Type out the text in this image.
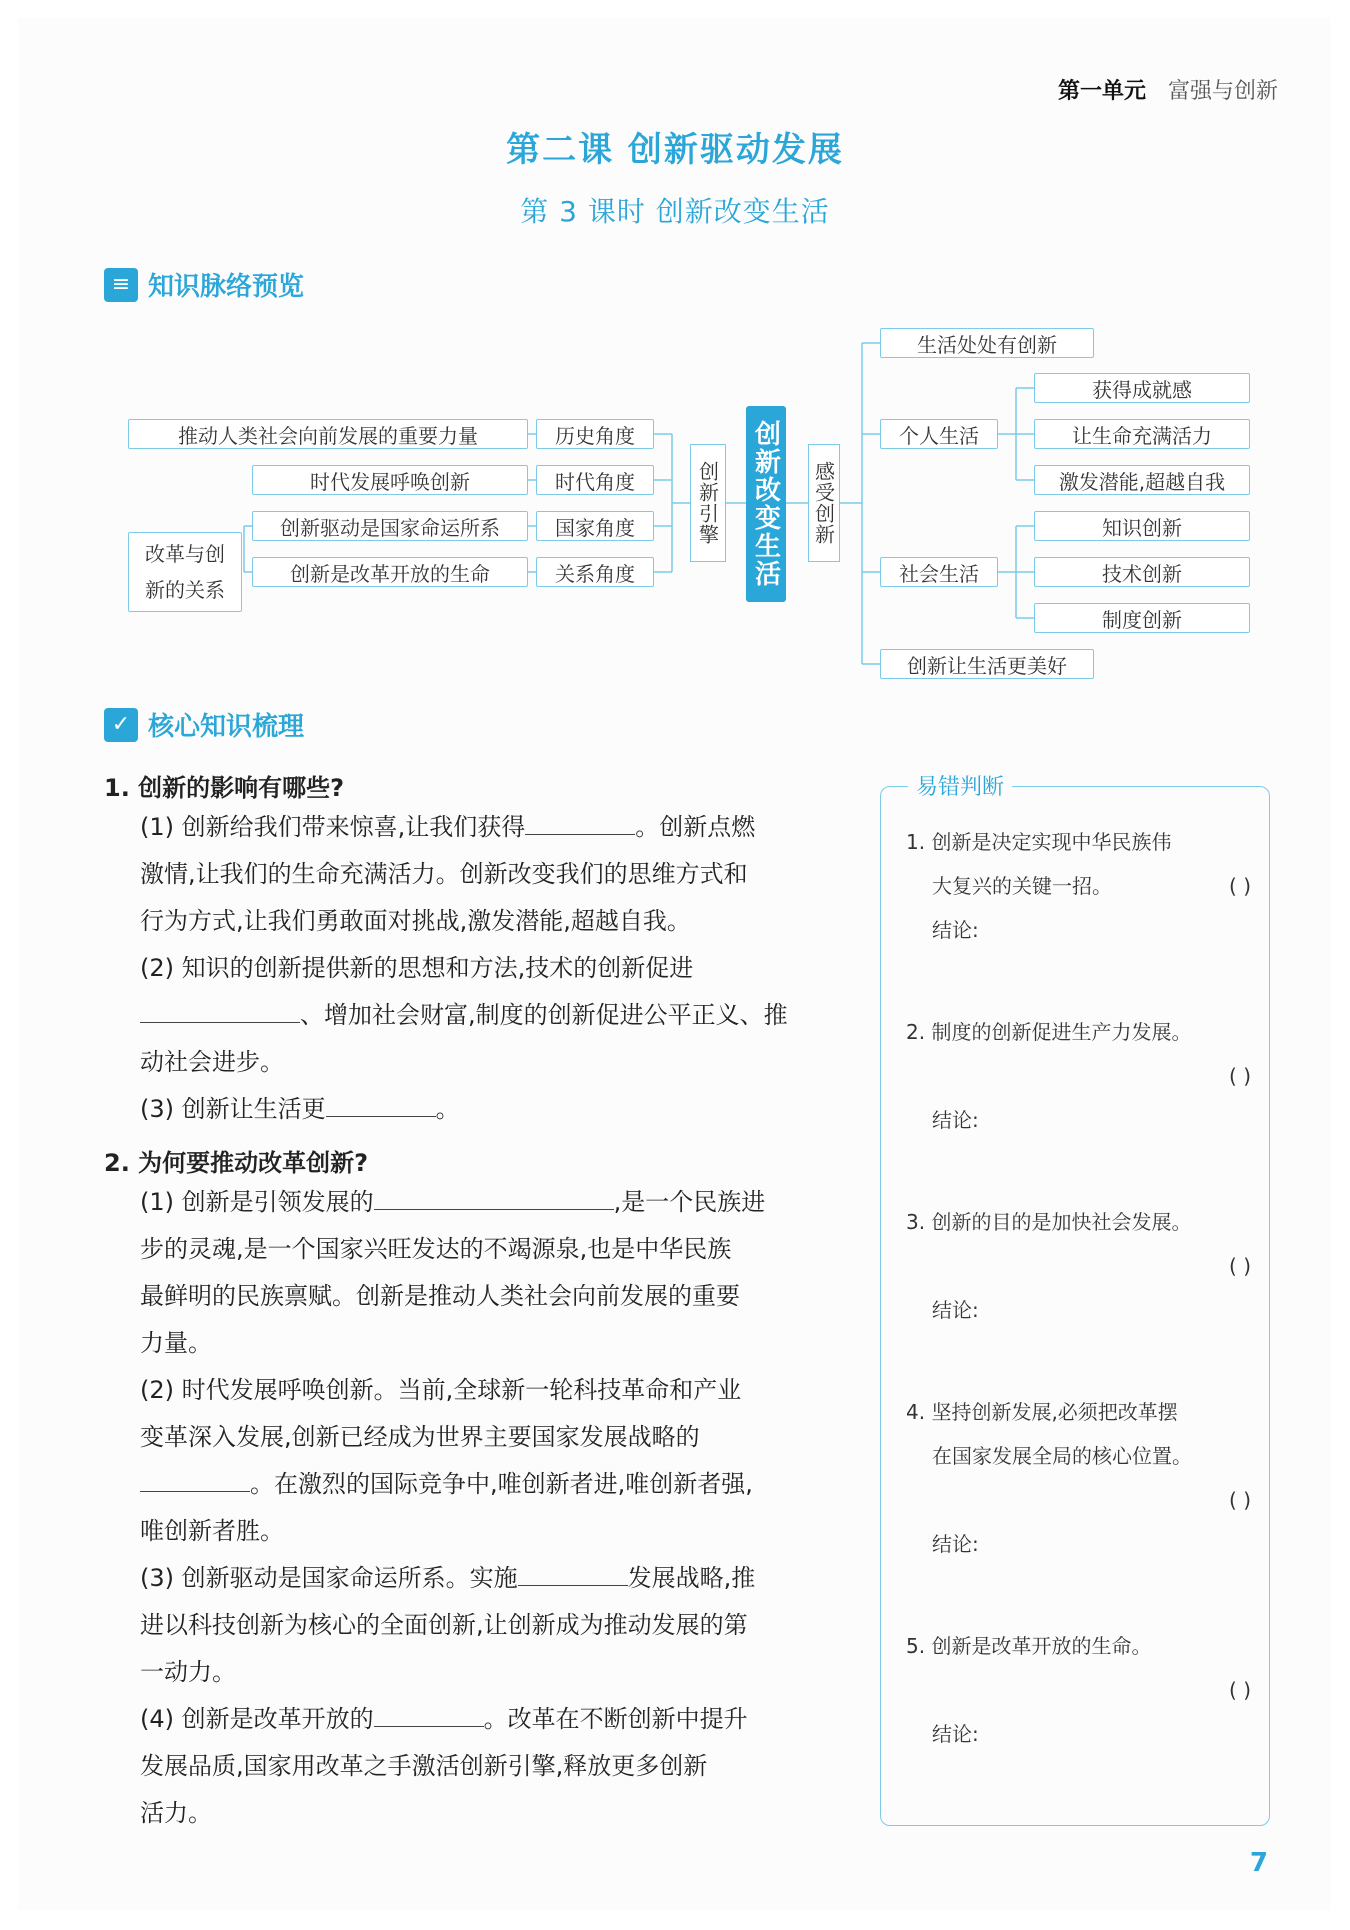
第一单元 富强与创新
第二课 创新驱动发展
第 3 课时 创新改变生活
≡ 知识脉络预览
推动人类社会向前发展的重要力量
时代发展呼唤创新
创新驱动是国家命运所系
创新是改革开放的生命
改革与创新的关系
历史角度
时代角度
国家角度
关系角度
创新引擎 创新改变生活 感受创新
生活处处有创新
个人生活
社会生活
创新让生活更美好
获得成就感
让生命充满活力
激发潜能,超越自我
知识创新
技术创新
制度创新
✓ 核心知识梳理
1. 创新的影响有哪些?
(1) 创新给我们带来惊喜,让我们获得	。创新点燃
激情,让我们的生命充满活力。创新改变我们的思维方式和
行为方式,让我们勇敢面对挑战,激发潜能,超越自我。
(2) 知识的创新提供新的思想和方法,技术的创新促进
、增加社会财富,制度的创新促进公平正义、推
动社会进步。
(3) 创新让生活更	。
2. 为何要推动改革创新?
(1) 创新是引领发展的	,是一个民族进
步的灵魂,是一个国家兴旺发达的不竭源泉,也是中华民族
最鲜明的民族禀赋。创新是推动人类社会向前发展的重要
力量。
(2) 时代发展呼唤创新。当前,全球新一轮科技革命和产业
变革深入发展,创新已经成为世界主要国家发展战略的
。在激烈的国际竞争中,唯创新者进,唯创新者强,
唯创新者胜。
(3) 创新驱动是国家命运所系。实施	发展战略,推
进以科技创新为核心的全面创新,让创新成为推动发展的第
一动力。
(4) 创新是改革开放的	。改革在不断创新中提升
发展品质,国家用改革之手激活创新引擎,释放更多创新
活力。
易错判断
1. 创新是决定实现中华民族伟
大复兴的关键一招。	( )
结论:
2. 制度的创新促进生产力发展。
( )
结论:
3. 创新的目的是加快社会发展。
( )
结论:
4. 坚持创新发展,必须把改革摆
在国家发展全局的核心位置。
( )
结论:
5. 创新是改革开放的生命。
( )
结论:
7
